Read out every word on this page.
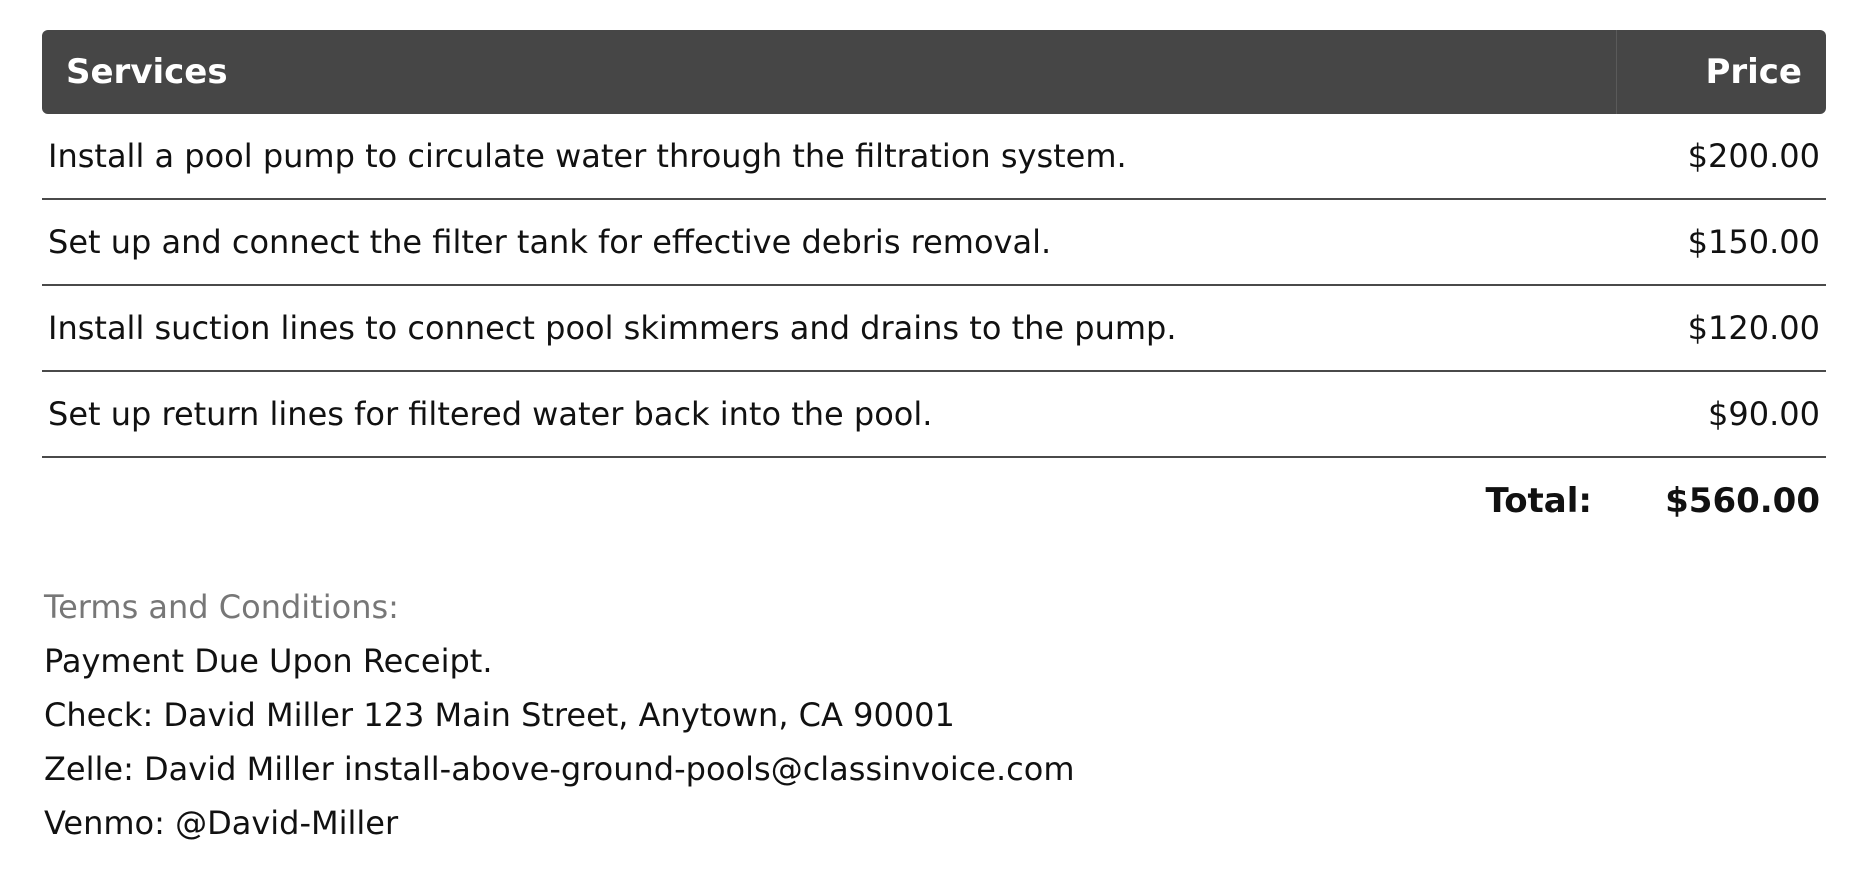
Services	Price
Install a pool pump to circulate water through the filtration system.	$200.00
Set up and connect the filter tank for effective debris removal.	$150.00
Install suction lines to connect pool skimmers and drains to the pump.	$120.00
Set up return lines for filtered water back into the pool.	$90.00
Total:	$560.00
Terms and Conditions:
Payment Due Upon Receipt.
Check: David Miller 123 Main Street, Anytown, CA 90001
Zelle: David Miller install-above-ground-pools@classinvoice.com
Venmo: @David-Miller
